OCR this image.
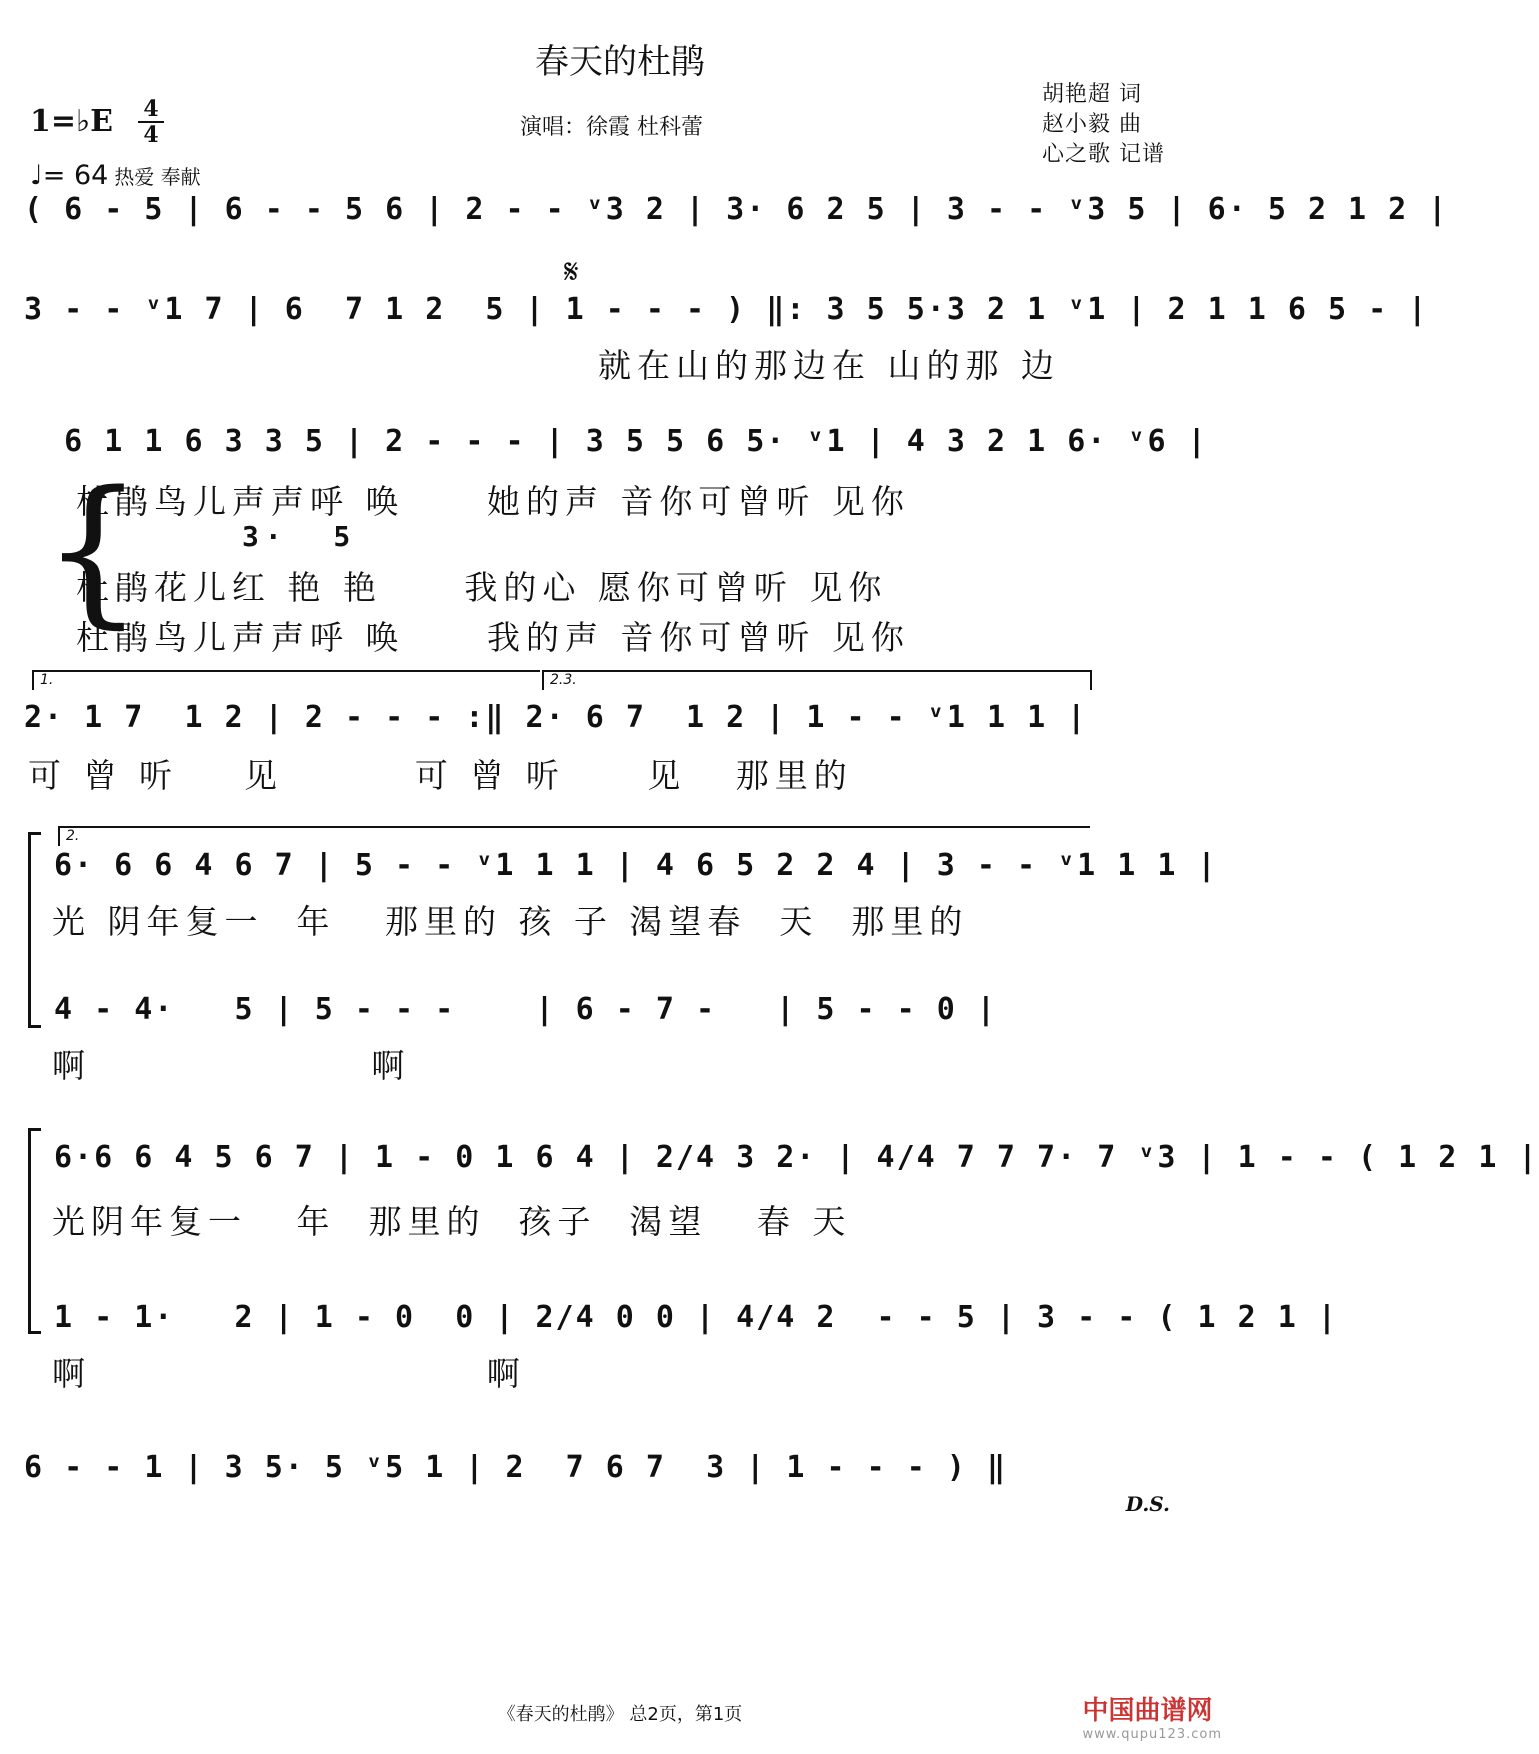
春天的杜鹃
胡艳超 词
赵小毅 曲
心之歌 记谱
1=♭E 4
4	演唱：徐霞 杜科蕾
♩= 64 热爱 奉献
( 6 - 5 | 6 - - 5 6 | 2 - - ᵛ3 2 | 3· 6 2 5 | 3 - - ᵛ3 5 | 6· 5 2 1 2 |
𝄋
3 - - ᵛ1 7 | 6  7 1 2  5 | 1 - - - ) ‖: 3 5 5·3 2 1 ᵛ1 | 2 1 1 6 5 - |
就在山的那边在 山的那 边
6 1 1 6 3 3 5 | 2 - - - | 3 5 5 6 5· ᵛ1 | 4 3 2 1 6· ᵛ6 |
{
杜鹃鸟儿声声呼 唤     她的声 音你可曾听 见你
3·  5
杜鹃花儿红 艳 艳     我的心 愿你可曾听 见你
杜鹃鸟儿声声呼 唤     我的声 音你可曾听 见你
1.	2.3.
2· 1 7  1 2 | 2 - - - :‖ 2· 6 7  1 2 | 1 - - ᵛ1 1 1 |
可 曾 听    见        可 曾 听     见   那里的
2.
6· 6 6 4 6 7 | 5 - - ᵛ1 1 1 | 4 6 5 2 2 4 | 3 - - ᵛ1 1 1 |
光 阴年复一  年   那里的 孩 子 渴望春  天  那里的
4 - 4·   5 | 5 - - -    | 6 - 7 -   | 5 - - 0 |
啊                 啊
6·6 6 4 5 6 7 | 1 - 0 1 6 4 | 2/4 3 2· | 4/4 7 7 7· 7 ᵛ3 | 1 - - ( 1 2 1 |
光阴年复一   年  那里的  孩子  渴望   春 天
1 - 1·   2 | 1 - 0  0 | 2/4 0 0 | 4/4 2  - - 5 | 3 - - ( 1 2 1 |
啊                        啊
6 - - 1 | 3 5· 5 ᵛ5 1 | 2  7 6 7  3 | 1 - - - ) ‖
D.S.
《春天的杜鹃》 总2页，第1页	中国曲谱网
www.qupu123.com
